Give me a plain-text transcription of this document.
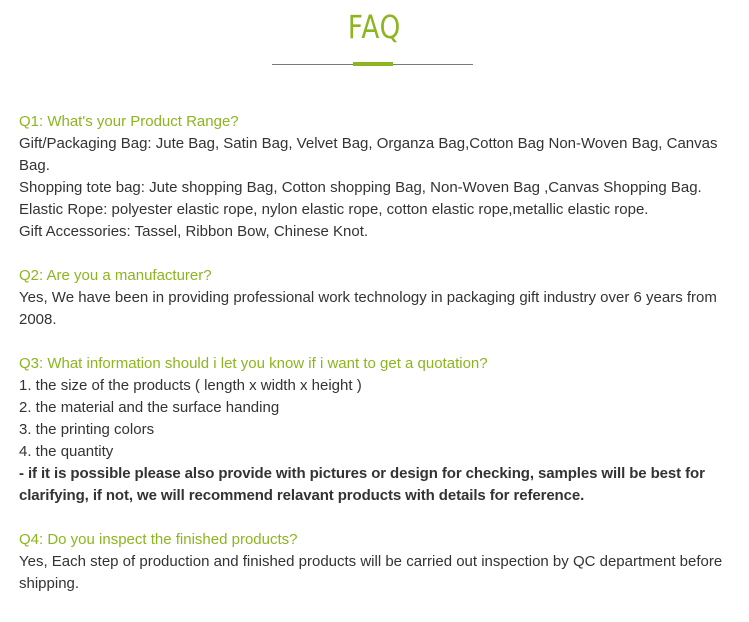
FAQ
Q1: What's your Product Range?
Gift/Packaging Bag: Jute Bag, Satin Bag, Velvet Bag, Organza Bag,Cotton Bag Non-Woven Bag, Canvas Bag.
Shopping tote bag: Jute shopping Bag, Cotton shopping Bag, Non-Woven Bag ,Canvas Shopping Bag.
Elastic Rope: polyester elastic rope, nylon elastic rope, cotton elastic rope,metallic elastic rope.
Gift Accessories: Tassel, Ribbon Bow, Chinese Knot.
Q2: Are you a manufacturer?
Yes, We have been in providing professional work technology in packaging gift industry over 6 years from 2008.
Q3: What information should i let you know if i want to get a quotation?
1. the size of the products ( length x width x height )
2. the material and the surface handing
3. the printing colors
4. the quantity
- if it is possible please also provide with pictures or design for checking, samples will be best for clarifying, if not, we will recommend relavant products with details for reference.
Q4: Do you inspect the finished products?
Yes, Each step of production and finished products will be carried out inspection by QC department before shipping.
